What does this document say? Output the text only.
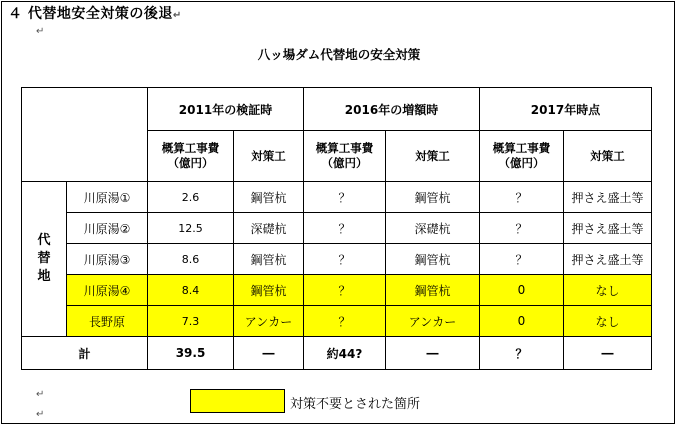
４ 代替地安全対策の後退↵
↵
八ッ場ダム代替地の安全対策
		2011年の検証時		2016年の増額時		2017年時点	
		概算工事費
（億円）	対策工	概算工事費
（億円）	対策工	概算工事費
（億円）	対策工
代
替
地	川原湯①	2.6	鋼管杭	？	鋼管杭	？	押さえ盛土等
	川原湯②	12.5	深礎杭	？	深礎杭	？	押さえ盛土等
	川原湯③	8.6	鋼管杭	？	鋼管杭	？	押さえ盛土等
	川原湯④	8.4	鋼管杭	？	鋼管杭	0	なし
	長野原	7.3	アンカー	？	アンカー	0	なし
計		39.5	―	約44?	―	？	―
↵
↵
対策不要とされた箇所
